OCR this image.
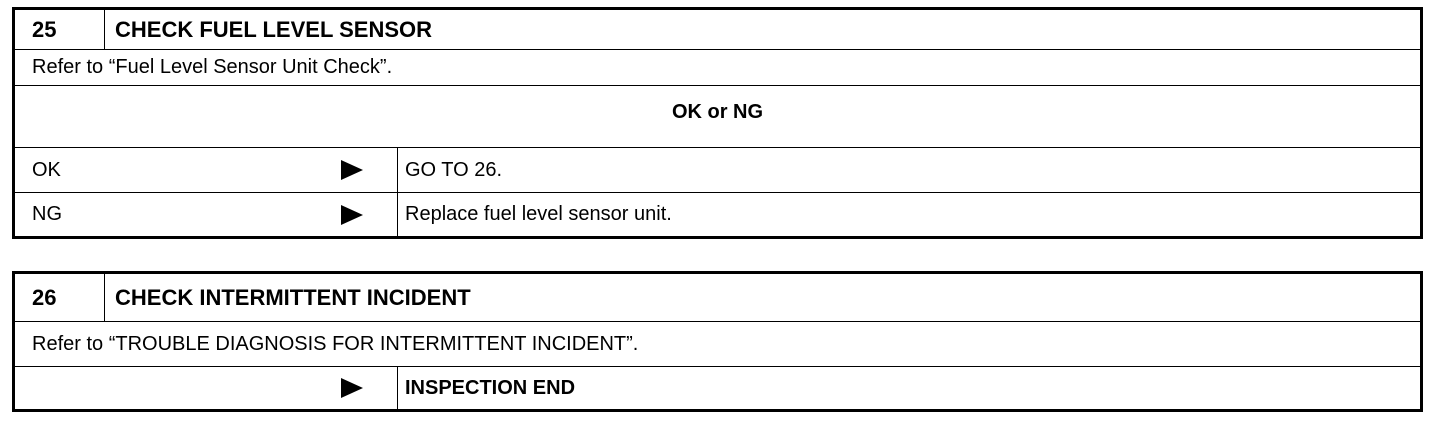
25	CHECK FUEL LEVEL SENSOR
Refer to “Fuel Level Sensor Unit Check”.
OK or NG
OK	GO TO 26.
NG	Replace fuel level sensor unit.
26	CHECK INTERMITTENT INCIDENT
Refer to “TROUBLE DIAGNOSIS FOR INTERMITTENT INCIDENT”.
INSPECTION END
